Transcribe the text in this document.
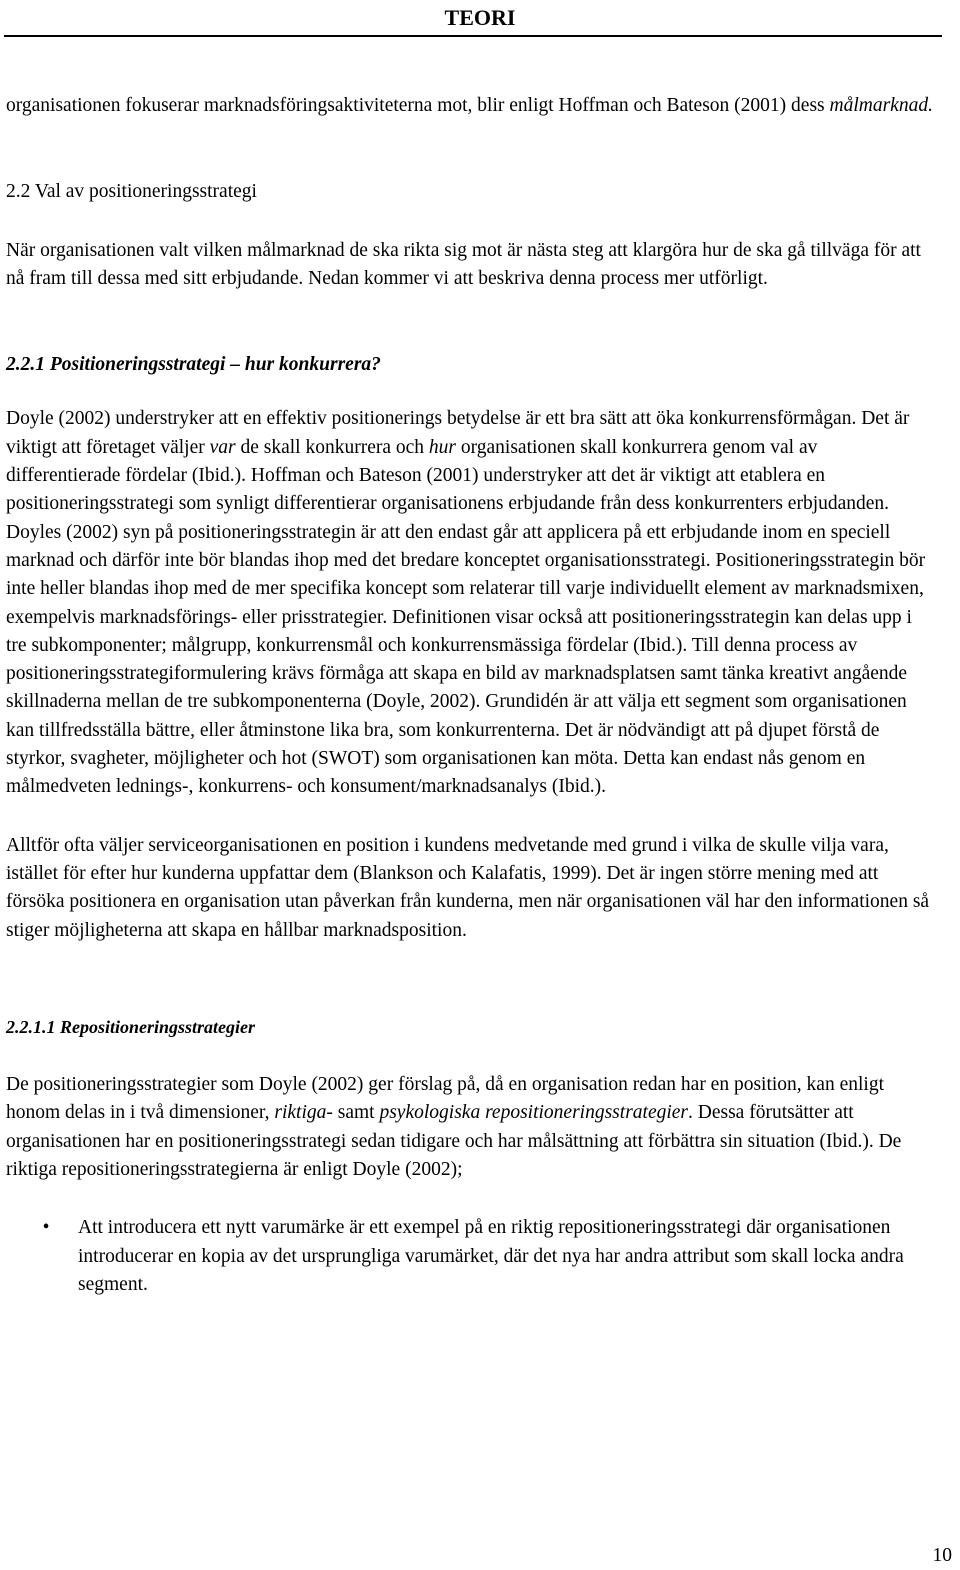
TEORI

organisationen fokuserar marknadsföringsaktiviteterna mot, blir enligt Hoffman och Bateson (2001) dess målmarknad.

2.2 Val av positioneringsstrategi

När organisationen valt vilken målmarknad de ska rikta sig mot är nästa steg att klargöra hur de ska gå tillväga för att nå fram till dessa med sitt erbjudande. Nedan kommer vi att beskriva denna process mer utförligt.

2.2.1 Positioneringsstrategi – hur konkurrera?

Doyle (2002) understryker att en effektiv positionerings betydelse är ett bra sätt att öka konkurrensförmågan. Det är viktigt att företaget väljer var de skall konkurrera och hur organisationen skall konkurrera genom val av differentierade fördelar (Ibid.). Hoffman och Bateson (2001) understryker att det är viktigt att etablera en positioneringsstrategi som synligt differentierar organisationens erbjudande från dess konkurrenters erbjudanden. Doyles (2002) syn på positioneringsstrategin är att den endast går att applicera på ett erbjudande inom en speciell marknad och därför inte bör blandas ihop med det bredare konceptet organisationsstrategi. Positioneringsstrategin bör inte heller blandas ihop med de mer specifika koncept som relaterar till varje individuellt element av marknadsmixen, exempelvis marknadsförings- eller prisstrategier. Definitionen visar också att positioneringsstrategin kan delas upp i tre subkomponenter; målgrupp, konkurrensmål och konkurrensmässiga fördelar (Ibid.). Till denna process av positioneringsstrategiformulering krävs förmåga att skapa en bild av marknadsplatsen samt tänka kreativt angående skillnaderna mellan de tre subkomponenterna (Doyle, 2002). Grundidén är att välja ett segment som organisationen kan tillfredsställa bättre, eller åtminstone lika bra, som konkurrenterna. Det är nödvändigt att på djupet förstå de styrkor, svagheter, möjligheter och hot (SWOT) som organisationen kan möta. Detta kan endast nås genom en målmedveten lednings-, konkurrens- och konsument/marknadsanalys (Ibid.).

Alltför ofta väljer serviceorganisationen en position i kundens medvetande med grund i vilka de skulle vilja vara, istället för efter hur kunderna uppfattar dem (Blankson och Kalafatis, 1999). Det är ingen större mening med att försöka positionera en organisation utan påverkan från kunderna, men när organisationen väl har den informationen så stiger möjligheterna att skapa en hållbar marknadsposition.

2.2.1.1 Repositioneringsstrategier

De positioneringsstrategier som Doyle (2002) ger förslag på, då en organisation redan har en position, kan enligt honom delas in i två dimensioner, riktiga- samt psykologiska repositioneringsstrategier. Dessa förutsätter att organisationen har en positioneringsstrategi sedan tidigare och har målsättning att förbättra sin situation (Ibid.). De riktiga repositioneringsstrategierna är enligt Doyle (2002);

•	Att introducera ett nytt varumärke är ett exempel på en riktig repositioneringsstrategi där organisationen introducerar en kopia av det ursprungliga varumärket, där det nya har andra attribut som skall locka andra segment.
10
